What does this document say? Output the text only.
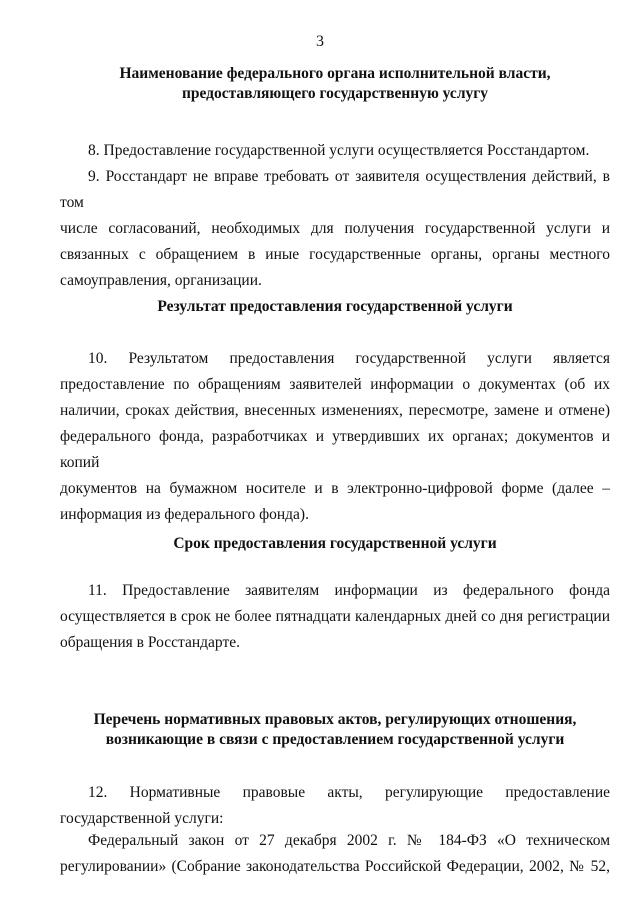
3
Наименование федерального органа исполнительной власти,
предоставляющего государственную услугу
8. Предоставление государственной услуги осуществляется Росстандартом.
9. Росстандарт не вправе требовать от заявителя осуществления действий, в том
числе согласований, необходимых для получения государственной услуги и
связанных с обращением в иные государственные органы, органы местного
самоуправления, организации.
Результат предоставления государственной услуги
10. Результатом предоставления государственной услуги является
предоставление по обращениям заявителей информации о документах (об их
наличии, сроках действия, внесенных изменениях, пересмотре, замене и отмене)
федерального фонда, разработчиках и утвердивших их органах; документов и копий
документов на бумажном носителе и в электронно-цифровой форме (далее –
информация из федерального фонда).
Срок предоставления государственной услуги
11. Предоставление заявителям информации из федерального фонда
осуществляется в срок не более пятнадцати календарных дней со дня регистрации
обращения в Росстандарте.
Перечень нормативных правовых актов, регулирующих отношения,
возникающие в связи с предоставлением государственной услуги
12. Нормативные правовые акты, регулирующие предоставление
государственной услуги:
Федеральный закон от 27 декабря 2002 г. № 184-ФЗ «О техническом
регулировании» (Собрание законодательства Российской Федерации, 2002, № 52,
